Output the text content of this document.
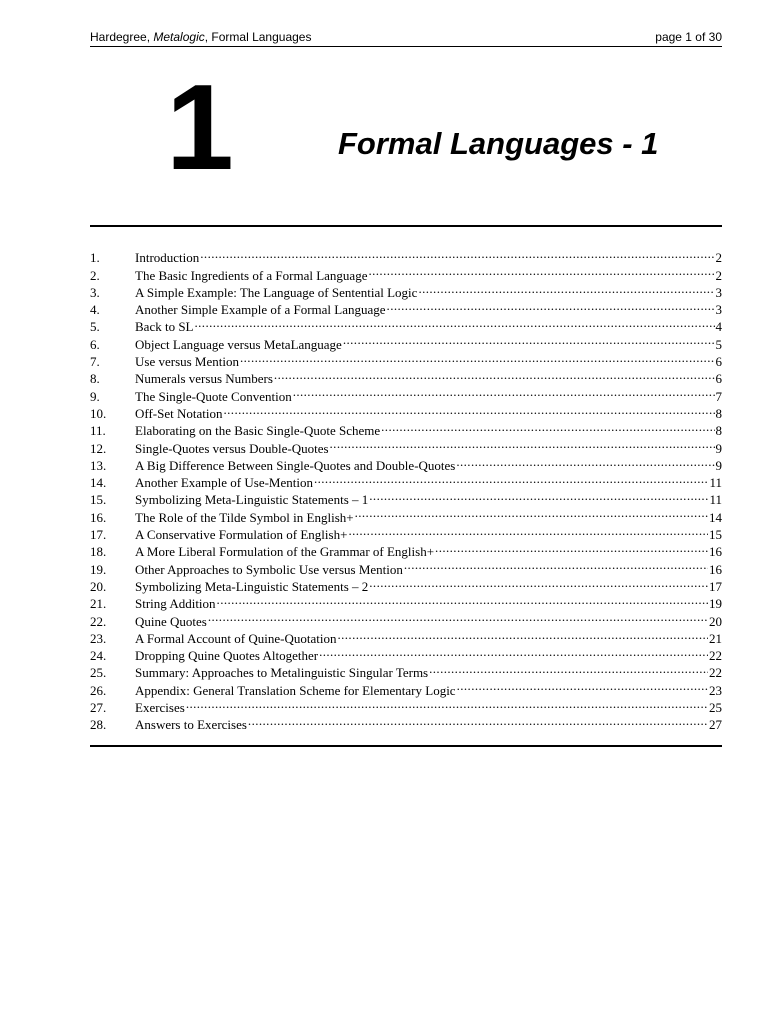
Hardegree, Metalogic, Formal Languages	page 1 of 30
1	Formal Languages - 1
1.	Introduction .....	2
2.	The Basic Ingredients of a Formal Language .....	2
3.	A Simple Example: The Language of Sentential Logic .....	3
4.	Another Simple Example of a Formal Language .....	3
5.	Back to SL .....	4
6.	Object Language versus MetaLanguage .....	5
7.	Use versus Mention .....	6
8.	Numerals versus Numbers .....	6
9.	The Single-Quote Convention .....	7
10.	Off-Set Notation .....	8
11.	Elaborating on the Basic Single-Quote Scheme .....	8
12.	Single-Quotes versus Double-Quotes .....	9
13.	A Big Difference Between Single-Quotes and Double-Quotes .....	9
14.	Another Example of Use-Mention .....	11
15.	Symbolizing Meta-Linguistic Statements – 1 .....	11
16.	The Role of the Tilde Symbol in English+ .....	14
17.	A Conservative Formulation of English+ .....	15
18.	A More Liberal Formulation of the Grammar of English+ .....	16
19.	Other Approaches to Symbolic Use versus Mention .....	16
20.	Symbolizing Meta-Linguistic Statements – 2 .....	17
21.	String Addition .....	19
22.	Quine Quotes .....	20
23.	A Formal Account of Quine-Quotation .....	21
24.	Dropping Quine Quotes Altogether .....	22
25.	Summary: Approaches to Metalinguistic Singular Terms .....	22
26.	Appendix: General Translation Scheme for Elementary Logic .....	23
27.	Exercises .....	25
28.	Answers to Exercises .....	27
